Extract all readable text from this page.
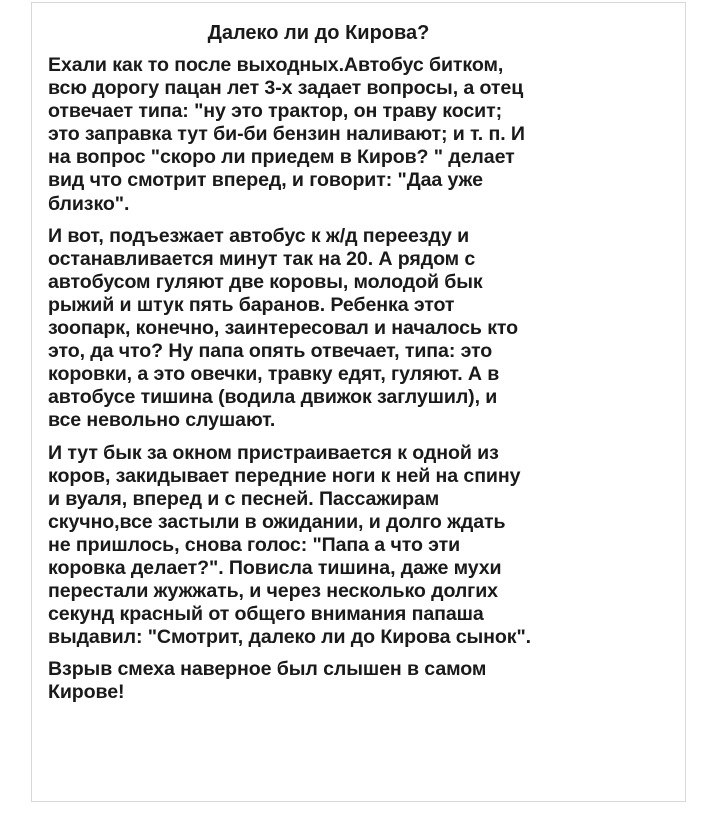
Далеко ли до Кирова?
Ехали как то после выходных.Автобус битком,
всю дорогу пацан лет 3-х задает вопросы, а отец
отвечает типа: "ну это трактор, он траву косит;
это заправка тут би-би бензин наливают; и т. п. И
на вопрос "скоро ли приедем в Киров? " делает
вид что смотрит вперед, и говорит: "Даа уже
близко".
И вот, подъезжает автобус к ж/д переезду и
останавливается минут так на 20. А рядом с
автобусом гуляют две коровы, молодой бык
рыжий и штук пять баранов. Ребенка этот
зоопарк, конечно, заинтересовал и началось кто
это, да что? Ну папа опять отвечает, типа: это
коровки, а это овечки, травку едят, гуляют. А в
автобусе тишина (водила движок заглушил), и
все невольно слушают.
И тут бык за окном пристраивается к одной из
коров, закидывает передние ноги к ней на спину
и вуаля, вперед и с песней. Пассажирам
скучно,все застыли в ожидании, и долго ждать
не пришлось, снова голос: "Папа а что эти
коровка делает?". Повисла тишина, даже мухи
перестали жужжать, и через несколько долгих
секунд красный от общего внимания папаша
выдавил: "Смотрит, далеко ли до Кирова сынок".
Взрыв смеха наверное был слышен в самом
Кирове!
